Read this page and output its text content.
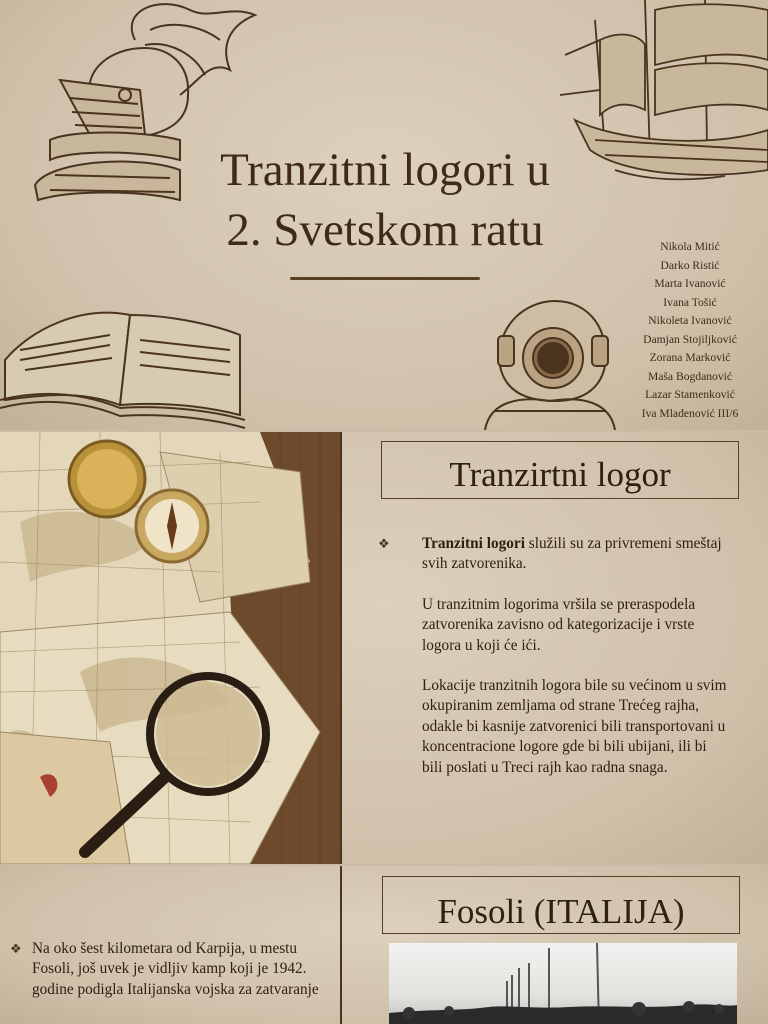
Tranzitni logori u
2. Svetskom ratu	Nikola Mitić
Darko Ristić
Marta Ivanović
Ivana Tošić
Nikoleta Ivanović
Damjan Stojiljković
Zorana Marković
Maša Bogdanović
Lazar Stamenković
Iva Mladenović III/6
Tranzirtni logor
❖ Tranzitni logori služili su za privremeni smeštaj svih zatvorenika.

U tranzitnim logorima vršila se preraspodela zatvorenika zavisno od kategorizacije i vrste logora u koji će ići.

Lokacije tranzitnih logora bile su većinom u svim okupiranim zemljama od strane Trećeg rajha, odakle bi kasnije zatvorenici bili transportovani u koncentracione logore gde bi bili ubijani, ili bi bili poslati u Treci rajh kao radna snaga.

❖ Na oko šest kilometara od Karpija, u mestu Fosoli, još uvek je vidljiv kamp koji je 1942. godine podigla Italijanska vojska za zatvaranje

Fosoli (ITALIJA)
